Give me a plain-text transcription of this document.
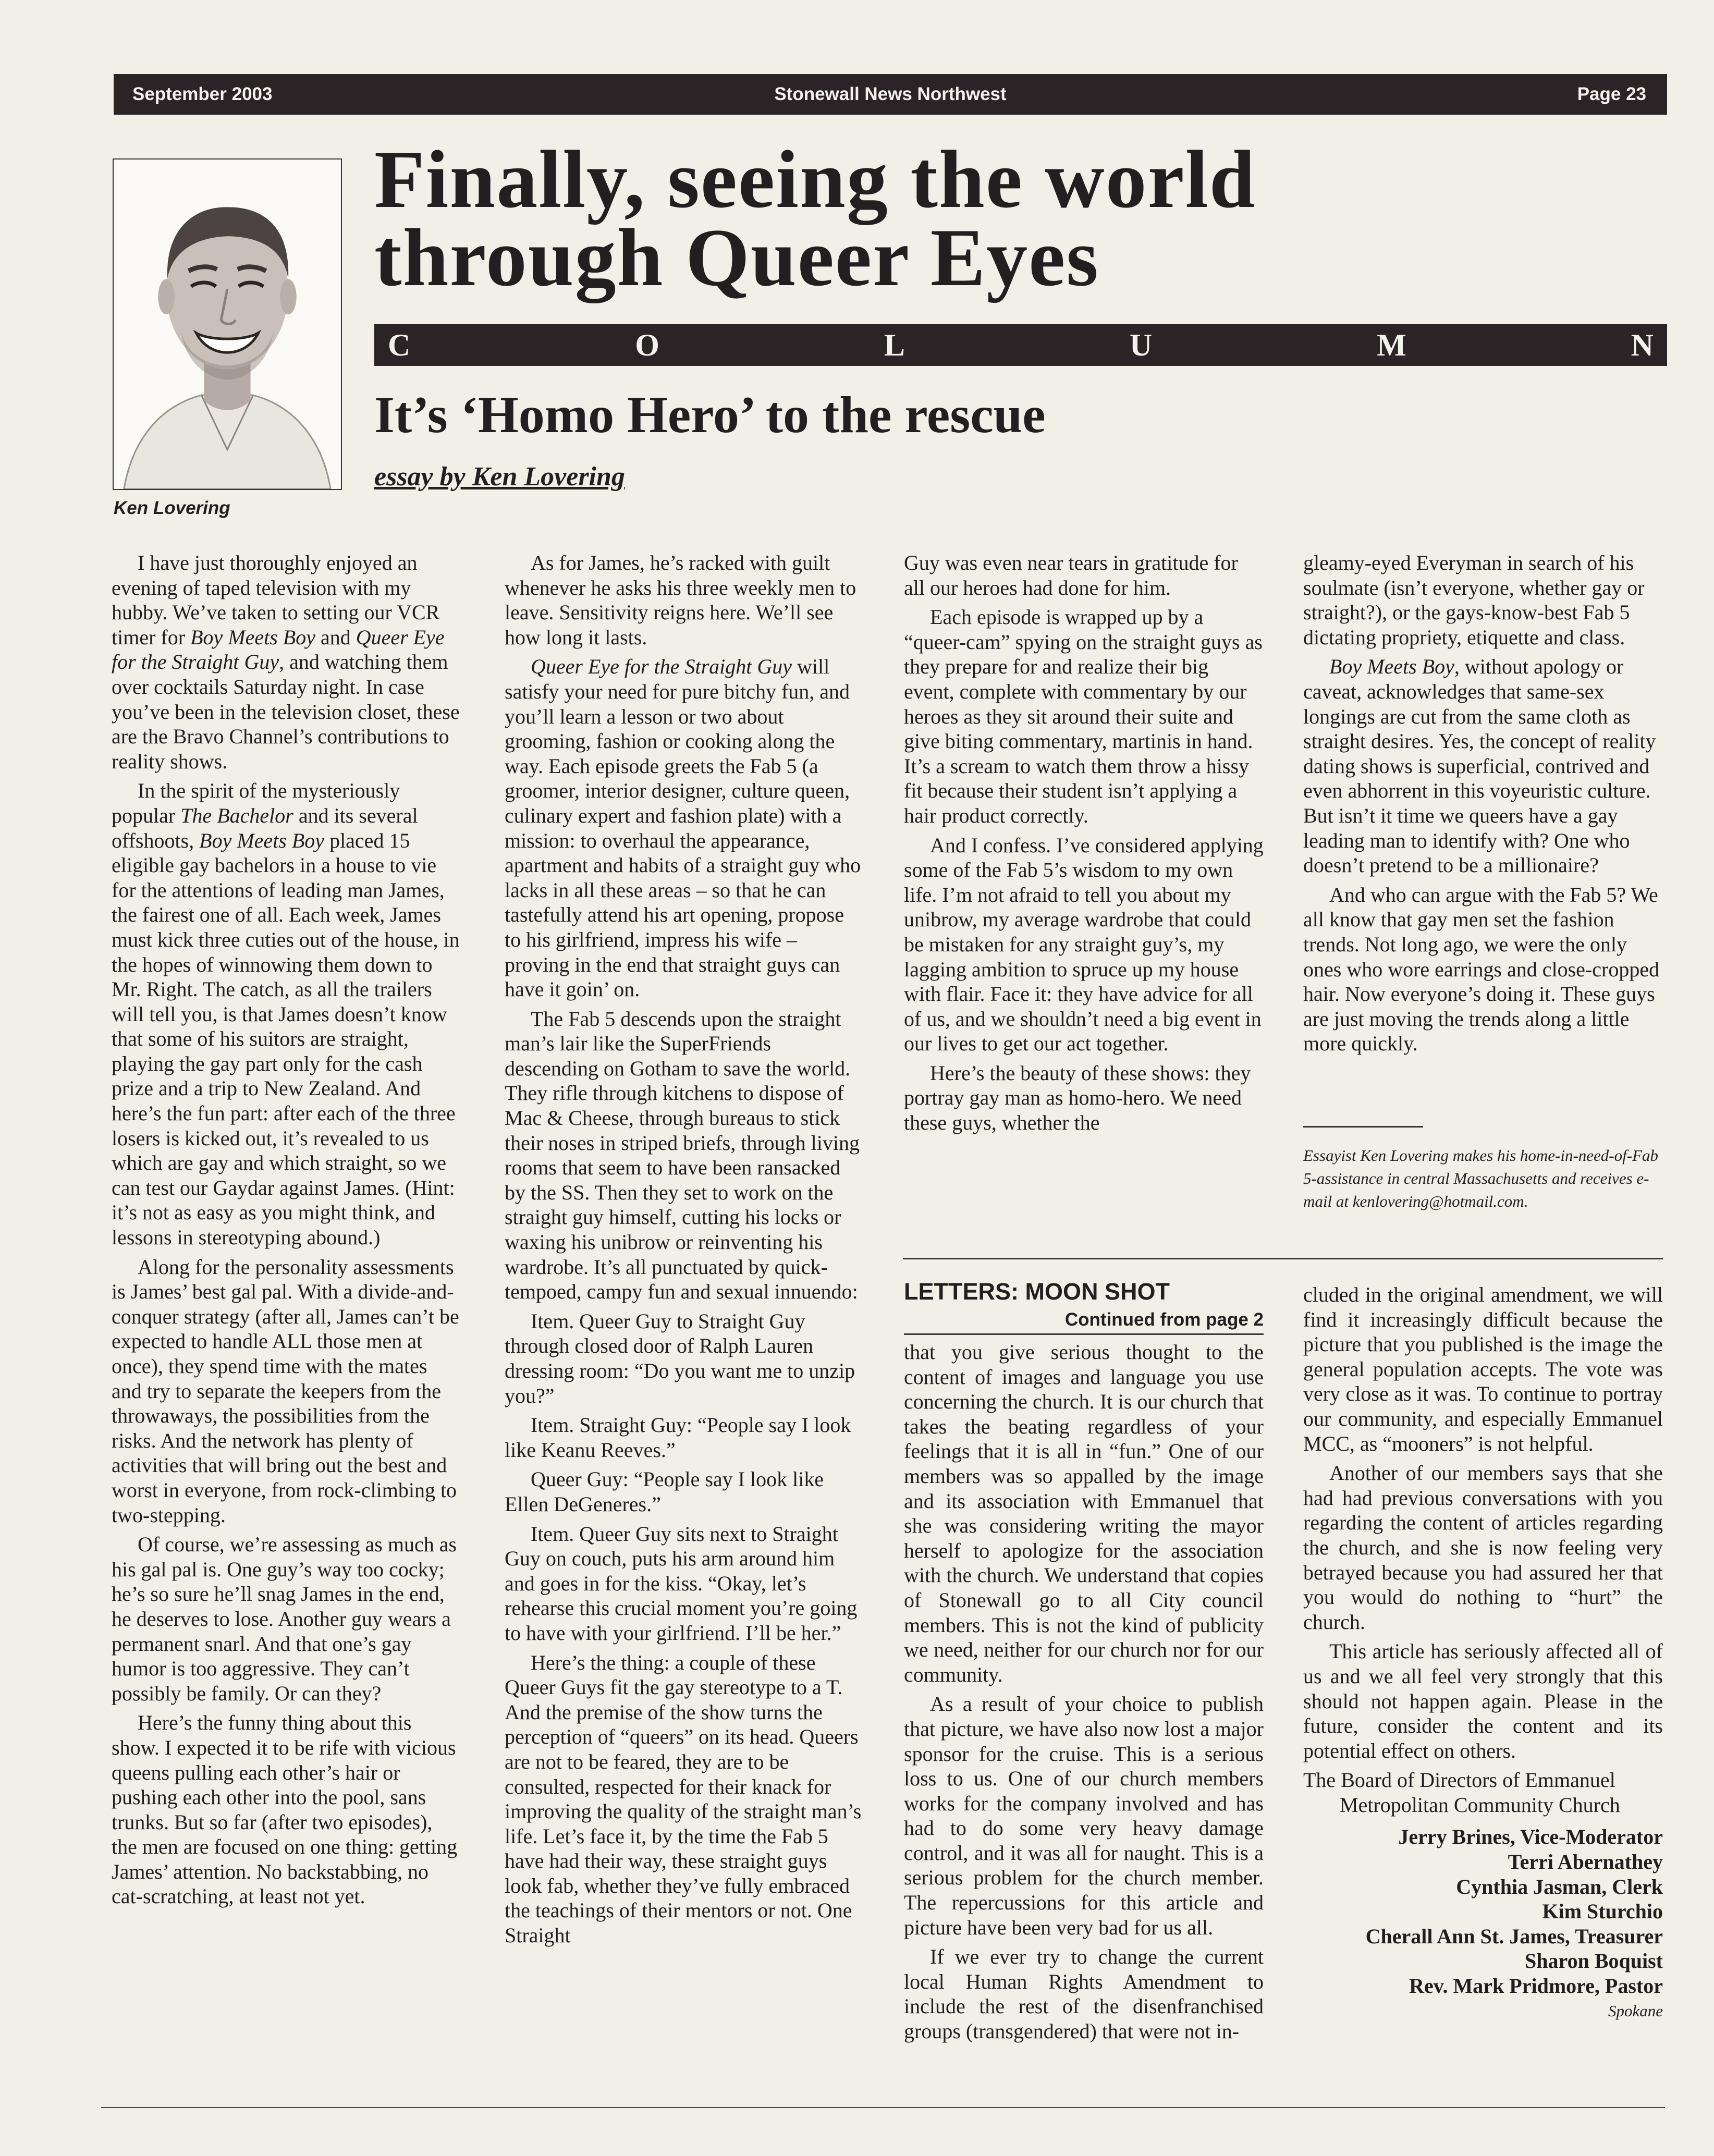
September 2003	Stonewall News Northwest	Page 23
Ken Lovering
Finally, seeing the world
through Queer Eyes
C	O	L	U	M	N
It’s ‘Homo Hero’ to the rescue
essay by Ken Lovering

I have just thoroughly enjoyed an evening of taped television with my hubby. We’ve taken to setting our VCR timer for Boy Meets Boy and Queer Eye for the Straight Guy, and watching them over cocktails Saturday night. In case you’ve been in the television closet, these are the Bravo Channel’s contributions to reality shows.

In the spirit of the mysteriously popular The Bachelor and its several offshoots, Boy Meets Boy placed 15 eligible gay bachelors in a house to vie for the attentions of leading man James, the fairest one of all. Each week, James must kick three cuties out of the house, in the hopes of winnowing them down to Mr. Right. The catch, as all the trailers will tell you, is that James doesn’t know that some of his suitors are straight, playing the gay part only for the cash prize and a trip to New Zealand. And here’s the fun part: after each of the three losers is kicked out, it’s revealed to us which are gay and which straight, so we can test our Gaydar against James. (Hint: it’s not as easy as you might think, and lessons in stereotyping abound.)

Along for the personality assessments is James’ best gal pal. With a divide-and-conquer strategy (after all, James can’t be expected to handle ALL those men at once), they spend time with the mates and try to separate the keepers from the throwaways, the possibilities from the risks. And the network has plenty of activities that will bring out the best and worst in everyone, from rock-climbing to two-stepping.

Of course, we’re assessing as much as his gal pal is. One guy’s way too cocky; he’s so sure he’ll snag James in the end, he deserves to lose. Another guy wears a permanent snarl. And that one’s gay humor is too aggressive. They can’t possibly be family. Or can they?

Here’s the funny thing about this show. I expected it to be rife with vicious queens pulling each other’s hair or pushing each other into the pool, sans trunks. But so far (after two episodes), the men are focused on one thing: getting James’ attention. No backstabbing, no cat-scratching, at least not yet.

As for James, he’s racked with guilt whenever he asks his three weekly men to leave. Sensitivity reigns here. We’ll see how long it lasts.

Queer Eye for the Straight Guy will satisfy your need for pure bitchy fun, and you’ll learn a lesson or two about grooming, fashion or cooking along the way. Each episode greets the Fab 5 (a groomer, interior designer, culture queen, culinary expert and fashion plate) with a mission: to overhaul the appearance, apartment and habits of a straight guy who lacks in all these areas – so that he can tastefully attend his art opening, propose to his girlfriend, impress his wife – proving in the end that straight guys can have it goin’ on.

The Fab 5 descends upon the straight man’s lair like the SuperFriends descending on Gotham to save the world. They rifle through kitchens to dispose of Mac & Cheese, through bureaus to stick their noses in striped briefs, through living rooms that seem to have been ransacked by the SS. Then they set to work on the straight guy himself, cutting his locks or waxing his unibrow or reinventing his wardrobe. It’s all punctuated by quick-tempoed, campy fun and sexual innuendo:

Item. Queer Guy to Straight Guy through closed door of Ralph Lauren dressing room: “Do you want me to unzip you?”

Item. Straight Guy: “People say I look like Keanu Reeves.”

Queer Guy: “People say I look like Ellen DeGeneres.”

Item. Queer Guy sits next to Straight Guy on couch, puts his arm around him and goes in for the kiss. “Okay, let’s rehearse this crucial moment you’re going to have with your girlfriend. I’ll be her.”

Here’s the thing: a couple of these Queer Guys fit the gay stereotype to a T. And the premise of the show turns the perception of “queers” on its head. Queers are not to be feared, they are to be consulted, respected for their knack for improving the quality of the straight man’s life. Let’s face it, by the time the Fab 5 have had their way, these straight guys look fab, whether they’ve fully embraced the teachings of their mentors or not. One Straight

Guy was even near tears in gratitude for all our heroes had done for him.

Each episode is wrapped up by a “queer-cam” spying on the straight guys as they prepare for and realize their big event, complete with commentary by our heroes as they sit around their suite and give biting commentary, martinis in hand. It’s a scream to watch them throw a hissy fit because their student isn’t applying a hair product correctly.

And I confess. I’ve considered applying some of the Fab 5’s wisdom to my own life. I’m not afraid to tell you about my unibrow, my average wardrobe that could be mistaken for any straight guy’s, my lagging ambition to spruce up my house with flair. Face it: they have advice for all of us, and we shouldn’t need a big event in our lives to get our act together.

Here’s the beauty of these shows: they portray gay man as homo-hero. We need these guys, whether the

gleamy-eyed Everyman in search of his soulmate (isn’t everyone, whether gay or straight?), or the gays-know-best Fab 5 dictating propriety, etiquette and class.

Boy Meets Boy, without apology or caveat, acknowledges that same-sex longings are cut from the same cloth as straight desires. Yes, the concept of reality dating shows is superficial, contrived and even abhorrent in this voyeuristic culture. But isn’t it time we queers have a gay leading man to identify with? One who doesn’t pretend to be a millionaire?

And who can argue with the Fab 5? We all know that gay men set the fashion trends. Not long ago, we were the only ones who wore earrings and close-cropped hair. Now everyone’s doing it. These guys are just moving the trends along a little more quickly.

Essayist Ken Lovering makes his home-in-need-of-Fab 5-assistance in central Massachusetts and receives e-mail at kenlovering@hotmail.com.
LETTERS: MOON SHOT
Continued from page 2

that you give serious thought to the content of images and language you use concerning the church. It is our church that takes the beating regardless of your feelings that it is all in “fun.” One of our members was so appalled by the image and its association with Emmanuel that she was considering writing the mayor herself to apologize for the association with the church. We understand that copies of Stonewall go to all City council members. This is not the kind of publicity we need, neither for our church nor for our community.

As a result of your choice to publish that picture, we have also now lost a major sponsor for the cruise. This is a serious loss to us. One of our church members works for the company involved and has had to do some very heavy damage control, and it was all for naught. This is a serious problem for the church member. The repercussions for this article and picture have been very bad for us all.

If we ever try to change the current local Human Rights Amendment to include the rest of the disenfranchised groups (transgendered) that were not in-

cluded in the original amendment, we will find it increasingly difficult because the picture that you published is the image the general population accepts. The vote was very close as it was. To continue to portray our community, and especially Emmanuel MCC, as “mooners” is not helpful.

Another of our members says that she had had previous conversations with you regarding the content of articles regarding the church, and she is now feeling very betrayed because you had assured her that you would do nothing to “hurt” the church.

This article has seriously affected all of us and we all feel very strongly that this should not happen again. Please in the future, consider the content and its potential effect on others.

The Board of Directors of Emmanuel
Metropolitan Community Church
Jerry Brines, Vice-Moderator
Terri Abernathey
Cynthia Jasman, Clerk
Kim Sturchio
Cherall Ann St. James, Treasurer
Sharon Boquist
Rev. Mark Pridmore, Pastor
Spokane
